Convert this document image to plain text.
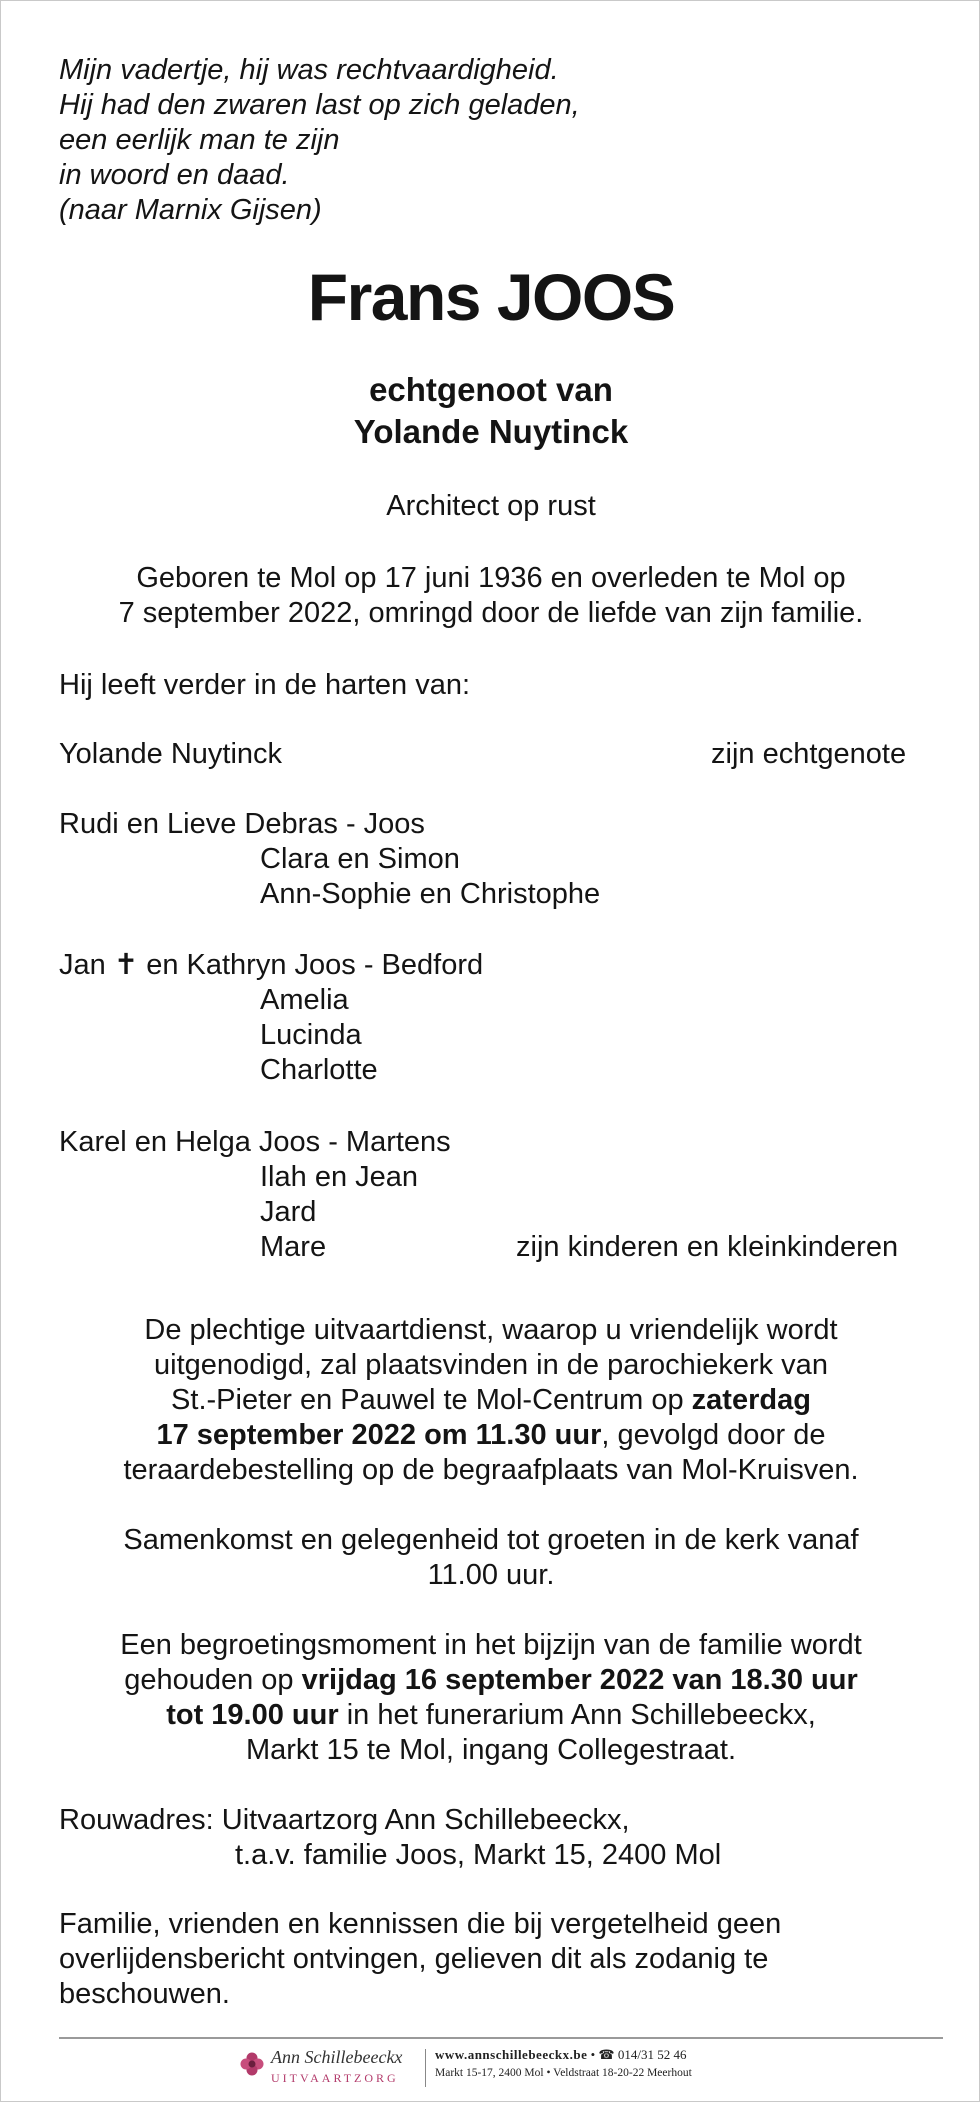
Mijn vadertje, hij was rechtvaardigheid.
Hij had den zwaren last op zich geladen,
een eerlijk man te zijn
in woord en daad.
(naar Marnix Gijsen)
Frans JOOS
echtgenoot van
Yolande Nuytinck
Architect op rust
Geboren te Mol op 17 juni 1936 en overleden te Mol op
7 september 2022, omringd door de liefde van zijn familie.
Hij leeft verder in de harten van:
Yolande Nuytinck	zijn echtgenote
Rudi en Lieve Debras - Joos
Clara en Simon
Ann-Sophie en Christophe
Jan ✝ en Kathryn Joos - Bedford
Amelia
Lucinda
Charlotte
Karel en Helga Joos - Martens
Ilah en Jean
Jard
Mare	zijn kinderen en kleinkinderen
De plechtige uitvaartdienst, waarop u vriendelijk wordt
uitgenodigd, zal plaatsvinden in de parochiekerk van
St.-Pieter en Pauwel te Mol-Centrum op zaterdag
17 september 2022 om 11.30 uur, gevolgd door de
teraardebestelling op de begraafplaats van Mol-Kruisven.
Samenkomst en gelegenheid tot groeten in de kerk vanaf
11.00 uur.
Een begroetingsmoment in het bijzijn van de familie wordt
gehouden op vrijdag 16 september 2022 van 18.30 uur
tot 19.00 uur in het funerarium Ann Schillebeeckx,
Markt 15 te Mol, ingang Collegestraat.
Rouwadres: Uitvaartzorg Ann Schillebeeckx,
t.a.v. familie Joos, Markt 15, 2400 Mol
Familie, vrienden en kennissen die bij vergetelheid geen
overlijdensbericht ontvingen, gelieven dit als zodanig te
beschouwen.
Ann Schillebeeckx
UITVAARTZORG
www.annschillebeeckx.be • ☎ 014/31 52 46
Markt 15-17, 2400 Mol • Veldstraat 18-20-22 Meerhout
